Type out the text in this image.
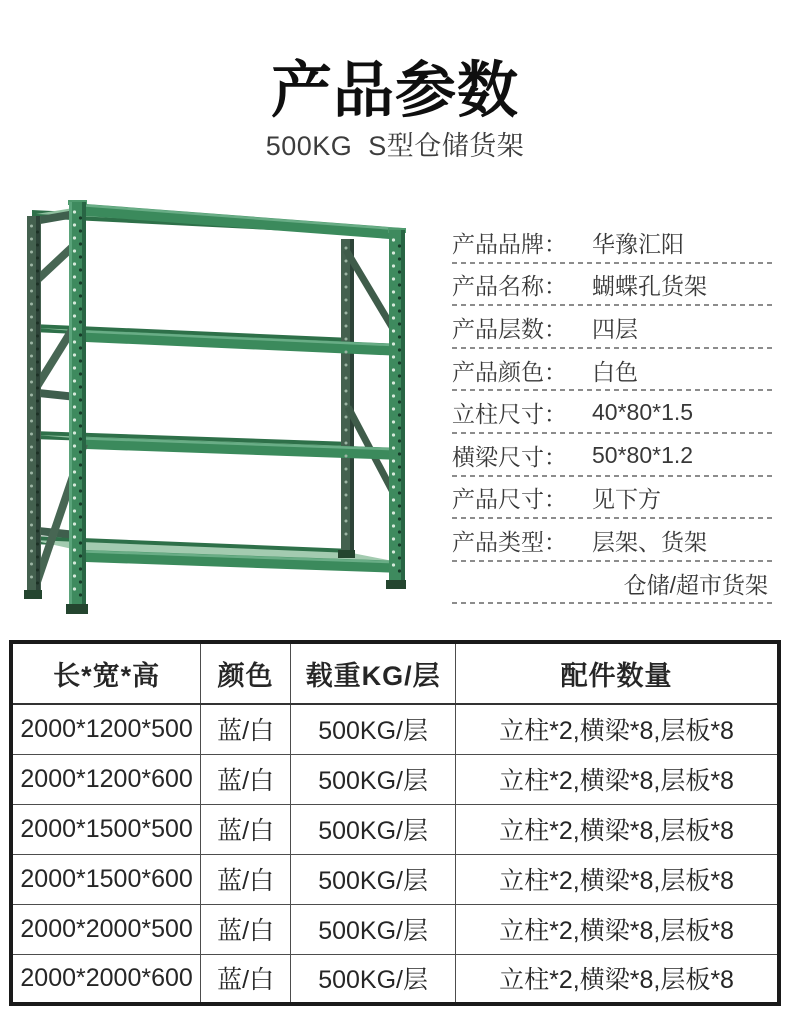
产品参数
500KG  S型仓储货架
产品品牌：	华豫汇阳
产品名称：	蝴蝶孔货架
产品层数：	四层
产品颜色：	白色
立柱尺寸：	40*80*1.5
横梁尺寸：	50*80*1.2
产品尺寸：	见下方
产品类型：	层架、货架
仓储/超市货架
长*宽*高	颜色	载重KG/层	配件数量
2000*1200*500	蓝/白	500KG/层	立柱*2,横梁*8,层板*8
2000*1200*600	蓝/白	500KG/层	立柱*2,横梁*8,层板*8
2000*1500*500	蓝/白	500KG/层	立柱*2,横梁*8,层板*8
2000*1500*600	蓝/白	500KG/层	立柱*2,横梁*8,层板*8
2000*2000*500	蓝/白	500KG/层	立柱*2,横梁*8,层板*8
2000*2000*600	蓝/白	500KG/层	立柱*2,横梁*8,层板*8
